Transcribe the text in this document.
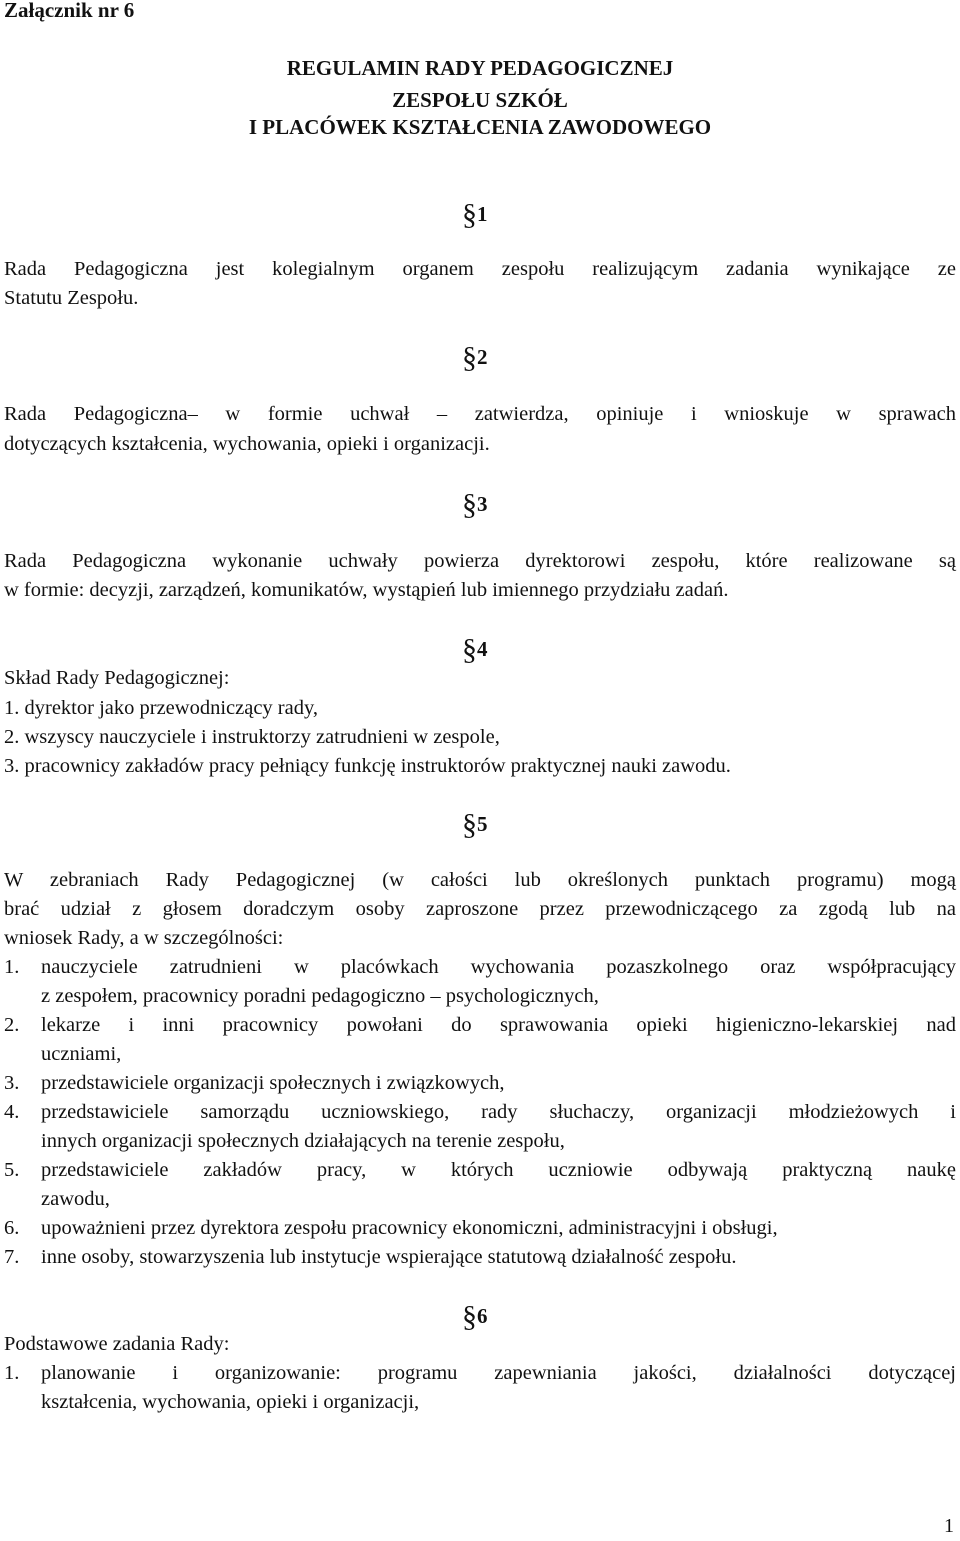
Załącznik nr 6
REGULAMIN RADY PEDAGOGICZNEJ
ZESPOŁU SZKÓŁ
I PLACÓWEK KSZTAŁCENIA ZAWODOWEGO
§1
Rada Pedagogiczna jest kolegialnym organem zespołu realizującym zadania wynikające ze
Statutu Zespołu.
§2
Rada Pedagogiczna– w formie uchwał – zatwierdza, opiniuje i wnioskuje w sprawach
dotyczących kształcenia, wychowania, opieki i organizacji.
§3
Rada Pedagogiczna wykonanie uchwały powierza dyrektorowi zespołu, które realizowane są
w formie: decyzji, zarządzeń, komunikatów, wystąpień lub imiennego przydziału zadań.
§4
Skład Rady Pedagogicznej:
1. dyrektor jako przewodniczący rady,
2. wszyscy nauczyciele i instruktorzy zatrudnieni w zespole,
3. pracownicy zakładów pracy pełniący funkcję instruktorów praktycznej nauki zawodu.
§5
W zebraniach Rady Pedagogicznej (w całości lub określonych punktach programu) mogą
brać udział z głosem doradczym osoby zaproszone przez przewodniczącego za zgodą lub na
wniosek Rady, a w szczególności:
1. nauczyciele zatrudnieni w placówkach wychowania pozaszkolnego oraz współpracujący
z zespołem, pracownicy poradni pedagogiczno – psychologicznych,
2. lekarze i inni pracownicy powołani do sprawowania opieki higieniczno-lekarskiej nad
uczniami,
3. przedstawiciele organizacji społecznych i związkowych,
4. przedstawiciele samorządu uczniowskiego, rady słuchaczy, organizacji młodzieżowych i
innych organizacji społecznych działających na terenie zespołu,
5. przedstawiciele zakładów pracy, w których uczniowie odbywają praktyczną naukę
zawodu,
6. upoważnieni przez dyrektora zespołu pracownicy ekonomiczni, administracyjni i obsługi,
7. inne osoby, stowarzyszenia lub instytucje wspierające statutową działalność zespołu.
§6
Podstawowe zadania Rady:
1. planowanie i organizowanie: programu zapewniania jakości, działalności dotyczącej
kształcenia, wychowania, opieki i organizacji,
1
